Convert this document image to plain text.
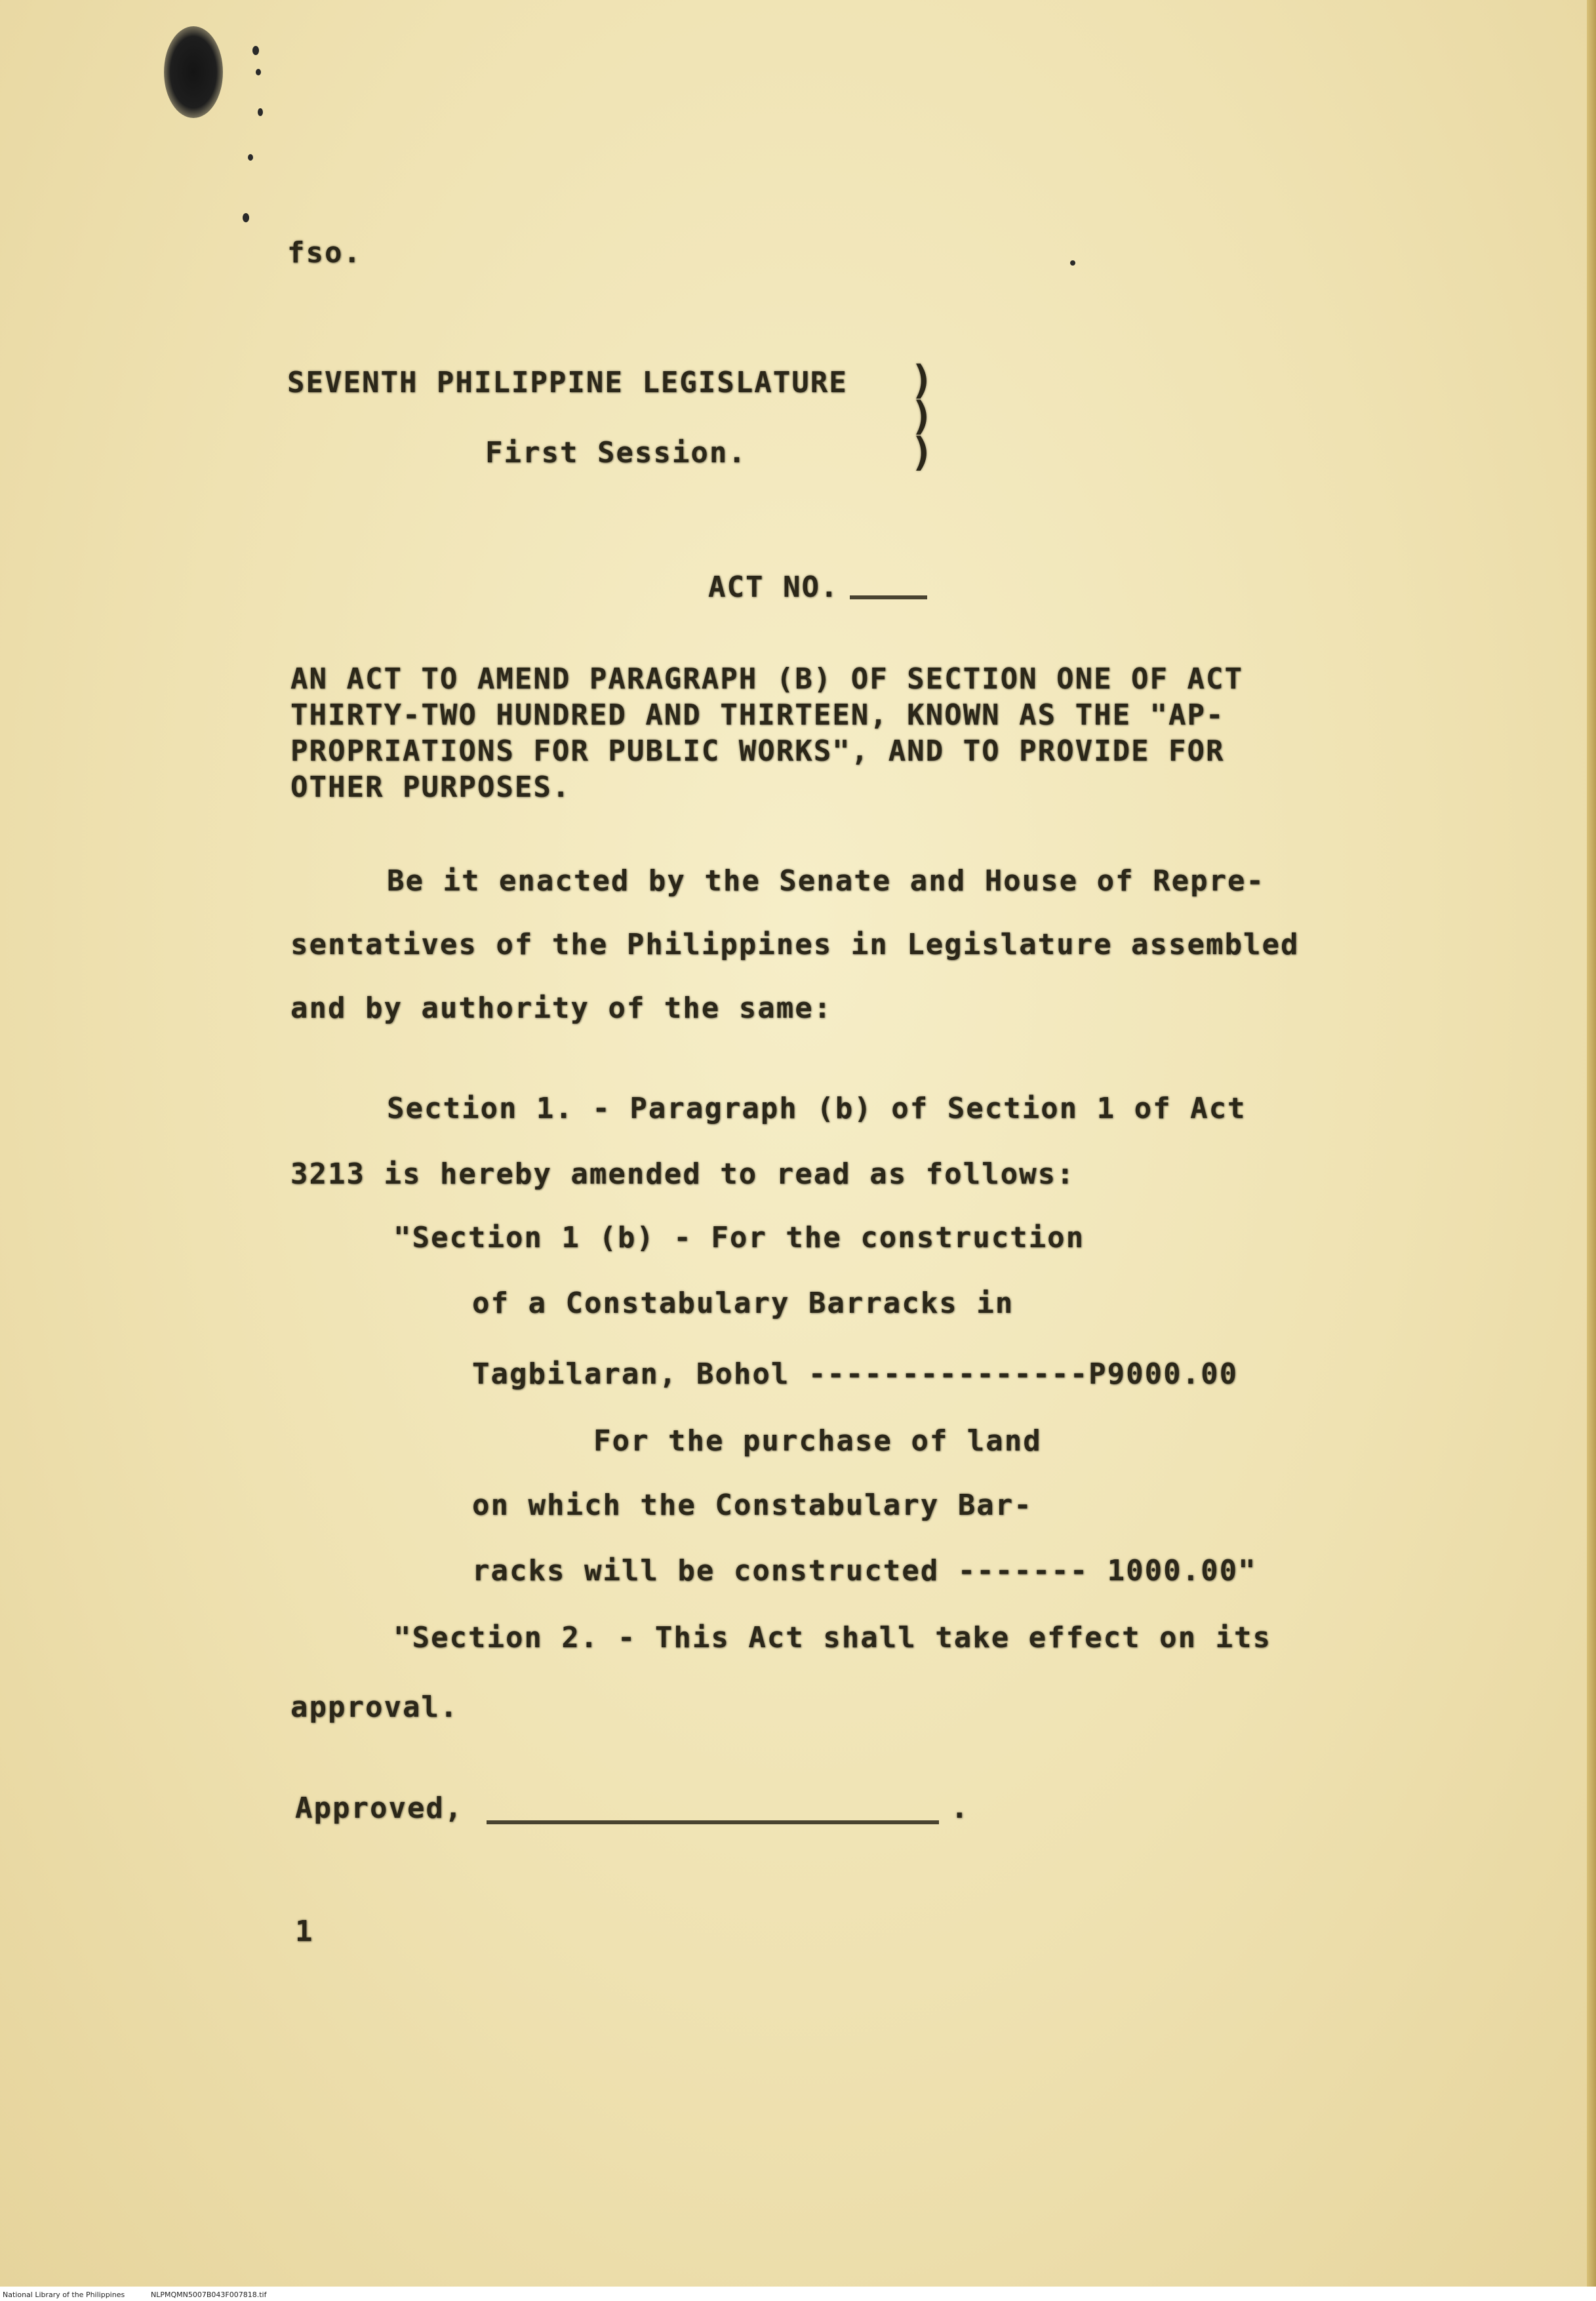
fso.
SEVENTH PHILIPPINE LEGISLATURE
First Session.
)
)
)
ACT NO.
AN ACT TO AMEND PARAGRAPH (B) OF SECTION ONE OF ACT
THIRTY-TWO HUNDRED AND THIRTEEN, KNOWN AS THE "AP-
PROPRIATIONS FOR PUBLIC WORKS", AND TO PROVIDE FOR
OTHER PURPOSES.
Be it enacted by the Senate and House of Repre-
sentatives of the Philippines in Legislature assembled
and by authority of the same:
Section 1. - Paragraph (b) of Section 1 of Act
3213 is hereby amended to read as follows:
"Section 1 (b) - For the construction
of a Constabulary Barracks in
Tagbilaran, Bohol ---------------P9000.00
For the purchase of land
on which the Constabulary Bar-
racks will be constructed ------- 1000.00"
"Section 2. - This Act shall take effect on its
approval.
Approved,	.
1
National Library of the Philippines	NLPMQMN5007B043F007818.tif
